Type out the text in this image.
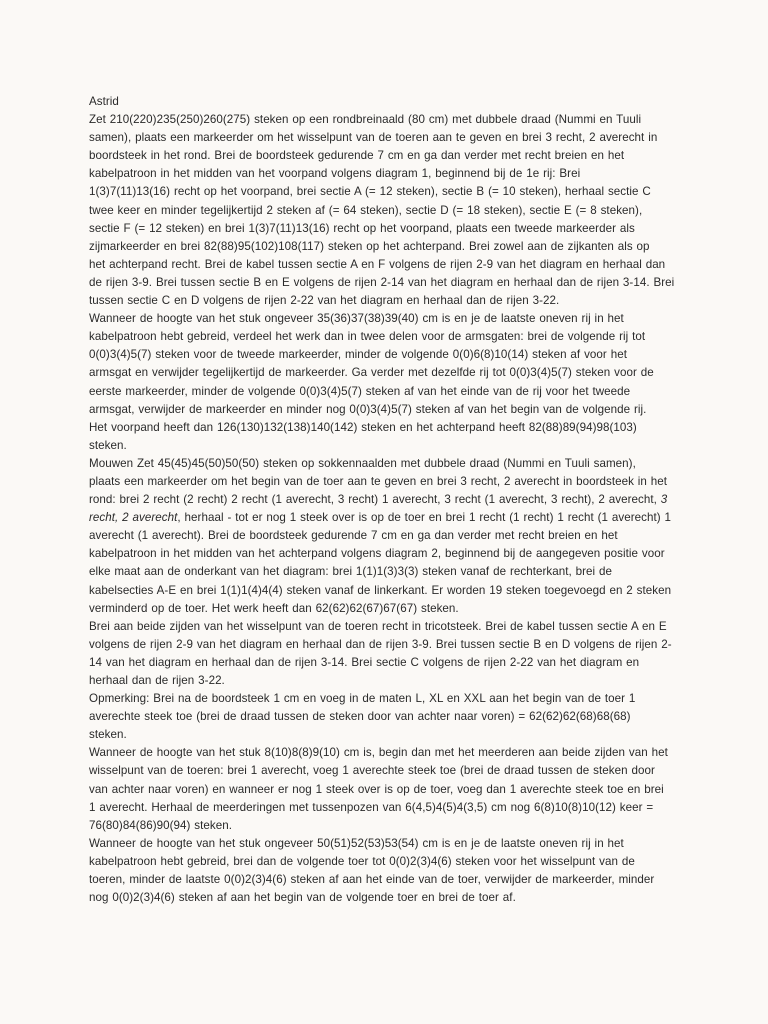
Astrid
Zet 210(220)235(250)260(275) steken op een rondbreinaald (80 cm) met dubbele draad (Nummi en Tuuli
samen), plaats een markeerder om het wisselpunt van de toeren aan te geven en brei 3 recht, 2 averecht in
boordsteek in het rond. Brei de boordsteek gedurende 7 cm en ga dan verder met recht breien en het
kabelpatroon in het midden van het voorpand volgens diagram 1, beginnend bij de 1e rij: Brei
1(3)7(11)13(16) recht op het voorpand, brei sectie A (= 12 steken), sectie B (= 10 steken), herhaal sectie C
twee keer en minder tegelijkertijd 2 steken af (= 64 steken), sectie D (= 18 steken), sectie E (= 8 steken),
sectie F (= 12 steken) en brei 1(3)7(11)13(16) recht op het voorpand, plaats een tweede markeerder als
zijmarkeerder en brei 82(88)95(102)108(117) steken op het achterpand. Brei zowel aan de zijkanten als op
het achterpand recht. Brei de kabel tussen sectie A en F volgens de rijen 2-9 van het diagram en herhaal dan
de rijen 3-9. Brei tussen sectie B en E volgens de rijen 2-14 van het diagram en herhaal dan de rijen 3-14. Brei
tussen sectie C en D volgens de rijen 2-22 van het diagram en herhaal dan de rijen 3-22.
Wanneer de hoogte van het stuk ongeveer 35(36)37(38)39(40) cm is en je de laatste oneven rij in het
kabelpatroon hebt gebreid, verdeel het werk dan in twee delen voor de armsgaten: brei de volgende rij tot
0(0)3(4)5(7) steken voor de tweede markeerder, minder de volgende 0(0)6(8)10(14) steken af voor het
armsgat en verwijder tegelijkertijd de markeerder. Ga verder met dezelfde rij tot 0(0)3(4)5(7) steken voor de
eerste markeerder, minder de volgende 0(0)3(4)5(7) steken af van het einde van de rij voor het tweede
armsgat, verwijder de markeerder en minder nog 0(0)3(4)5(7) steken af van het begin van de volgende rij.
Het voorpand heeft dan 126(130)132(138)140(142) steken en het achterpand heeft 82(88)89(94)98(103)
steken.
Mouwen Zet 45(45)45(50)50(50) steken op sokkennaalden met dubbele draad (Nummi en Tuuli samen),
plaats een markeerder om het begin van de toer aan te geven en brei 3 recht, 2 averecht in boordsteek in het
rond: brei 2 recht (2 recht) 2 recht (1 averecht, 3 recht) 1 averecht, 3 recht (1 averecht, 3 recht), 2 averecht, 3
recht, 2 averecht, herhaal - tot er nog 1 steek over is op de toer en brei 1 recht (1 recht) 1 recht (1 averecht) 1
averecht (1 averecht). Brei de boordsteek gedurende 7 cm en ga dan verder met recht breien en het
kabelpatroon in het midden van het achterpand volgens diagram 2, beginnend bij de aangegeven positie voor
elke maat aan de onderkant van het diagram: brei 1(1)1(3)3(3) steken vanaf de rechterkant, brei de
kabelsecties A-E en brei 1(1)1(4)4(4) steken vanaf de linkerkant. Er worden 19 steken toegevoegd en 2 steken
verminderd op de toer. Het werk heeft dan 62(62)62(67)67(67) steken.
Brei aan beide zijden van het wisselpunt van de toeren recht in tricotsteek. Brei de kabel tussen sectie A en E
volgens de rijen 2-9 van het diagram en herhaal dan de rijen 3-9. Brei tussen sectie B en D volgens de rijen 2-
14 van het diagram en herhaal dan de rijen 3-14. Brei sectie C volgens de rijen 2-22 van het diagram en
herhaal dan de rijen 3-22.
Opmerking: Brei na de boordsteek 1 cm en voeg in de maten L, XL en XXL aan het begin van de toer 1
averechte steek toe (brei de draad tussen de steken door van achter naar voren) = 62(62)62(68)68(68)
steken.
Wanneer de hoogte van het stuk 8(10)8(8)9(10) cm is, begin dan met het meerderen aan beide zijden van het
wisselpunt van de toeren: brei 1 averecht, voeg 1 averechte steek toe (brei de draad tussen de steken door
van achter naar voren) en wanneer er nog 1 steek over is op de toer, voeg dan 1 averechte steek toe en brei
1 averecht. Herhaal de meerderingen met tussenpozen van 6(4,5)4(5)4(3,5) cm nog 6(8)10(8)10(12) keer =
76(80)84(86)90(94) steken.
Wanneer de hoogte van het stuk ongeveer 50(51)52(53)53(54) cm is en je de laatste oneven rij in het
kabelpatroon hebt gebreid, brei dan de volgende toer tot 0(0)2(3)4(6) steken voor het wisselpunt van de
toeren, minder de laatste 0(0)2(3)4(6) steken af aan het einde van de toer, verwijder de markeerder, minder
nog 0(0)2(3)4(6) steken af aan het begin van de volgende toer en brei de toer af.
